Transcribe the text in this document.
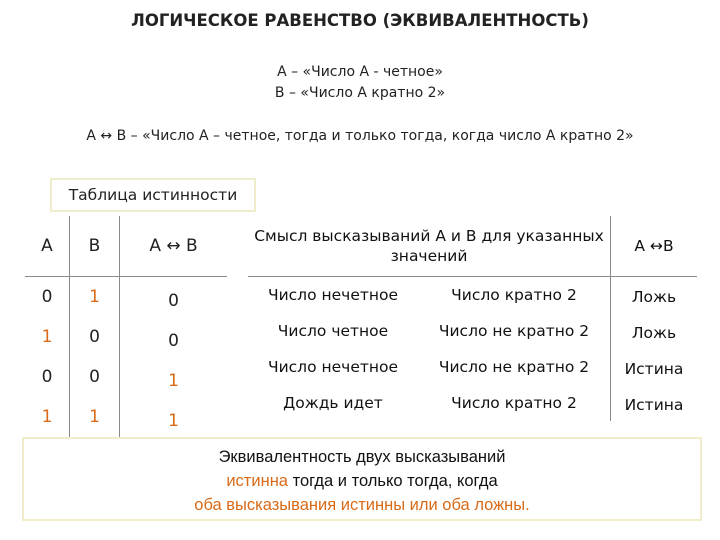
ЛОГИЧЕСКОЕ РАВЕНСТВО (ЭКВИВАЛЕНТНОСТЬ)
А – «Число А - четное»
В – «Число А кратно 2»
А ↔ В – «Число А – четное, тогда и только тогда, когда число А кратно 2»
Таблица истинности
А	В	А ↔ В
0	1	0
1	0	0
0	0	1
1	1	1
Смысл высказываний А и В для указанных значений		А ↔В
Число нечетное	Число кратно 2	Ложь
Число четное	Число не кратно 2	Ложь
Число нечетное	Число не кратно 2	Истина
Дождь идет	Число кратно 2	Истина
Эквивалентность двух высказываний
истинна тогда и только тогда, когда
оба высказывания истинны или оба ложны.
